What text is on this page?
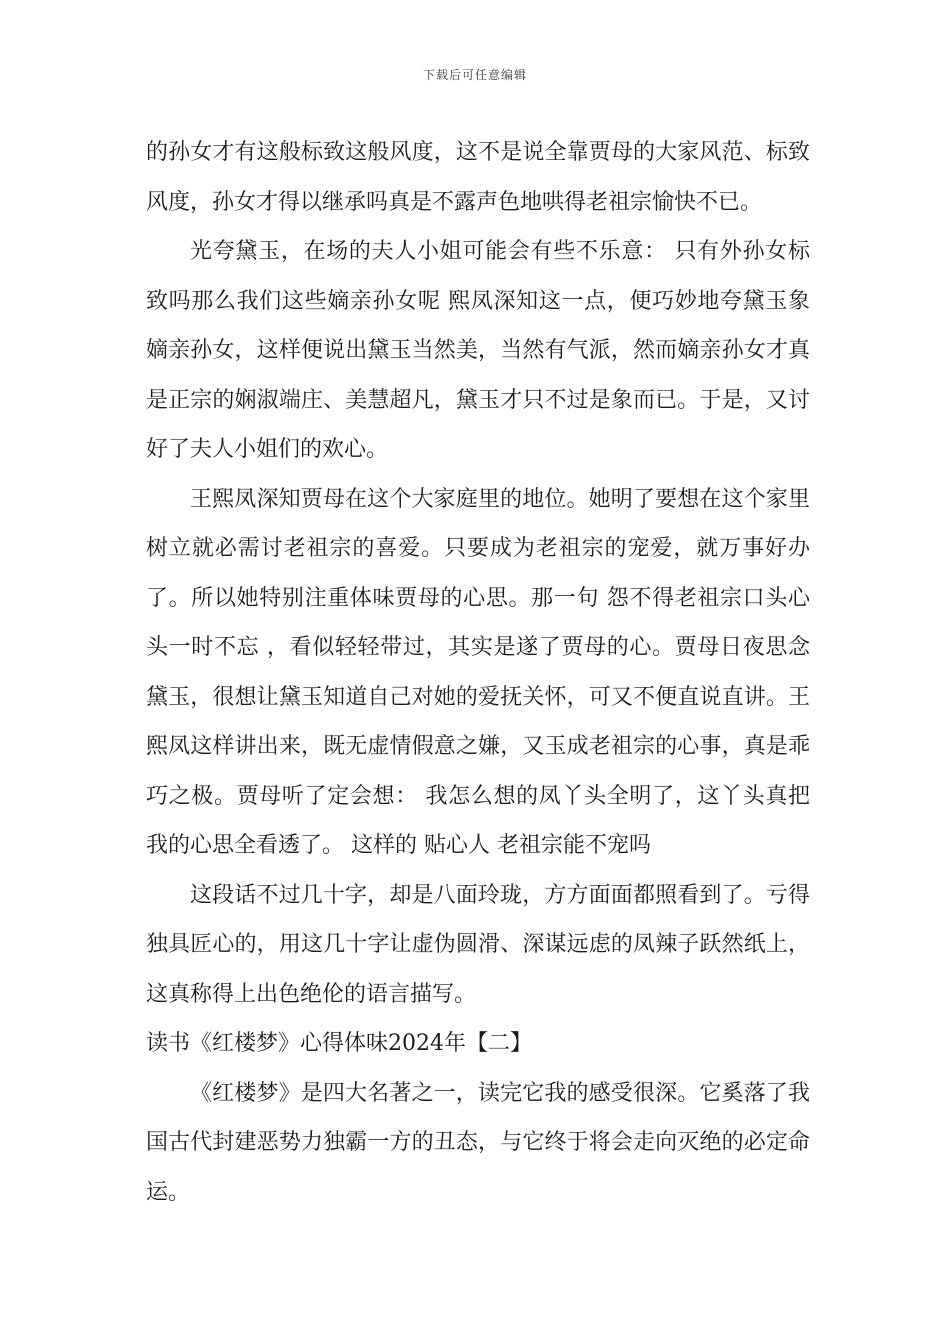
下载后可任意编辑

的孙女才有这般标致这般风度，这不是说全靠贾母的大家风范、标致风度，孙女才得以继承吗真是不露声色地哄得老祖宗愉快不已。

光夸黛玉，在场的夫人小姐可能会有些不乐意： 只有外孙女标致吗那么我们这些嫡亲孙女呢 熙凤深知这一点，便巧妙地夸黛玉象嫡亲孙女，这样便说出黛玉当然美，当然有气派，然而嫡亲孙女才真是正宗的娴淑端庄、美慧超凡，黛玉才只不过是象而已。于是，又讨好了夫人小姐们的欢心。

王熙凤深知贾母在这个大家庭里的地位。她明了要想在这个家里树立就必需讨老祖宗的喜爱。只要成为老祖宗的宠爱，就万事好办了。所以她特别注重体味贾母的心思。那一句 怨不得老祖宗口头心头一时不忘 ，看似轻轻带过，其实是遂了贾母的心。贾母日夜思念黛玉，很想让黛玉知道自己对她的爱抚关怀，可又不便直说直讲。王熙凤这样讲出来，既无虚情假意之嫌，又玉成老祖宗的心事，真是乖巧之极。贾母听了定会想： 我怎么想的凤丫头全明了，这丫头真把我的心思全看透了。 这样的 贴心人 老祖宗能不宠吗

这段话不过几十字，却是八面玲珑，方方面面都照看到了。亏得独具匠心的，用这几十字让虚伪圆滑、深谋远虑的凤辣子跃然纸上，这真称得上出色绝伦的语言描写。

读书《红楼梦》心得体味2024年【二】

《红楼梦》是四大名著之一，读完它我的感受很深。它奚落了我国古代封建恶势力独霸一方的丑态，与它终于将会走向灭绝的必定命运。
